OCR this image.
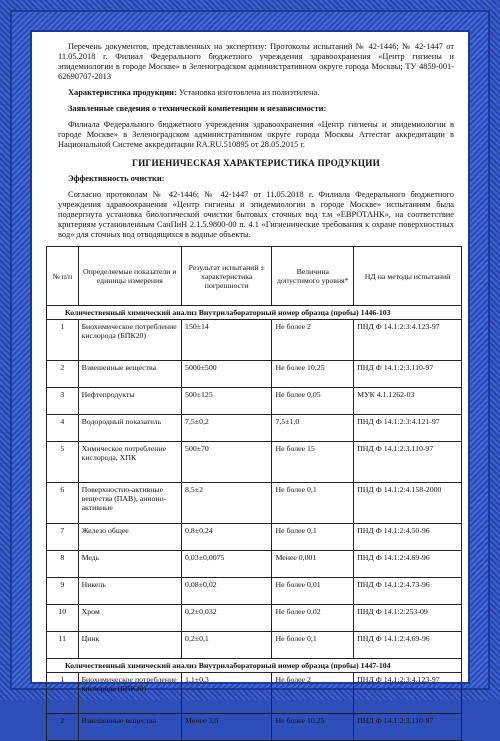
Перечень документов, представленных на экспертизу: Протоколы испытаний № 42-1446; № 42-1447 от 11.05.2018 г. Филиал Федерального бюджетного учреждения здравоохранения «Центр гигиены и эпидемиологии в городе Москве» в Зеленоградском административном округе города Москвы; ТУ 4859-001- 62690707-2013

Характеристика продукции: Установка изготовлена из полиэтилена.

Заявленные сведения о технической компетенции и независимости:

Филиала Федерального бюджетного учреждения здравоохранения «Центр гигиены и эпидемиологии в городе Москве» в Зеленоградском административном округе города Москвы Аттестат аккредитации в Национальной Системе аккредитации RA.RU.510895 от 28.05.2015 г.

ГИГИЕНИЧЕСКАЯ ХАРАКТЕРИСТИКА ПРОДУКЦИИ
Эффективность очистки:

Согласно протоколам № 42-1446; № 42-1447 от 11.05.2018 г. Филиала Федерального бюджетного учреждения здравоохранения «Центр гигиены и эпидемиологии в городе Москве» испытаниям была подвергнута установка биологической очистки бытовых сточных вод т.м «ЕВРОТАНК», на соответствие критериям установленным СанПиН 2.1.5.9800-00 п. 4.1 «Гигиенические требования к охране поверхностных вод» для сточных вод отводящихся в водные объекты.

№ п/п	Определяемые показатели и единицы измерения	Результат испытаний ± характеристика погрешности	Величина допустимого уровня*	НД на методы испытаний
Количественный химический анализ Внутрилабораторный номер образца (пробы) 1446-103				
1	Биохимическое потребление кислорода (БПК20)	150±14	Не более 2	ПНД Ф 14.1:2:3:4.123-97
2	Взвешенные вещества	5000±500	Не более 10,25	ПНД Ф 14.1:2:3.110-97
3	Нефтепродукты	500±125	Не более 0,05	МУК 4.1.1262-03
4	Водородный показатель	7,5±0,2	7,5±1,0	ПНД Ф 14.1:2:3:4.121-97
5	Химическое потребление кислорода, ХПК	500±70	Не более 15	ПНД Ф 14.1:2:3.110-97
6	Поверхностно-активные вещества (ПАВ), анионо-активные	8,5±2	Не более 0,1	ПНД Ф 14.1:2:4.158-2000
7	Железо общее	0,8±0,24	Не более 0,1	ПНД Ф 14.1:2:4.50-96
8	Медь	0,03±0,0075	Менее 0,001	ПНД Ф 14.1:2:4.69-96
9	Никель	0,08±0,02	Не более 0,01	ПНД Ф 14.1:2:4.73-96
10	Хром	0,2±0,032	Не более 0,02	ПНД Ф 14.1:2:253-09
11	Цинк	0,2±0,1	Не более 0,1	ПНД Ф 14.1:2:4.69-96
Количественный химический анализ Внутрилабораторный номер образца (пробы) 1447-104				
1	Биохимическое потребление кислорода (БПК20)	1,1±0,3	Не более 2	ПНД Ф 14.1:2:3:4.123-97
2	Взвешенные вещества	Менее 3,0	Не более 10,25	ПНД Ф 14.1:2:3.110-97
